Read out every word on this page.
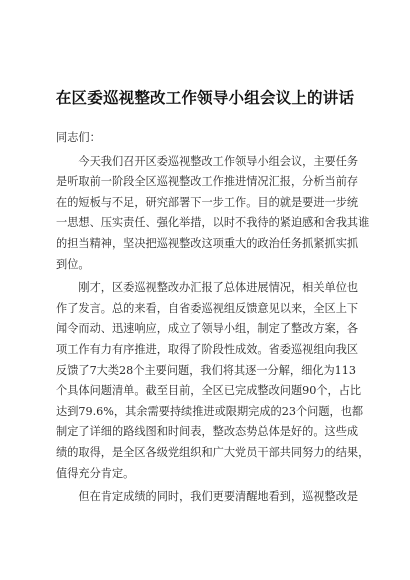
在区委巡视整改工作领导小组会议上的讲话

同志们：

今天我们召开区委巡视整改工作领导小组会议，主要任务
是听取前一阶段全区巡视整改工作推进情况汇报，分析当前存
在的短板与不足，研究部署下一步工作。目的就是要进一步统
一思想、压实责任、强化举措，以时不我待的紧迫感和舍我其谁
的担当精神，坚决把巡视整改这项重大的政治任务抓紧抓实抓
到位。

刚才，区委巡视整改办汇报了总体进展情况，相关单位也
作了发言。总的来看，自省委巡视组反馈意见以来，全区上下
闻令而动、迅速响应，成立了领导小组，制定了整改方案，各
项工作有力有序推进，取得了阶段性成效。省委巡视组向我区
反馈了7大类28个主要问题，我们将其逐一分解，细化为113
个具体问题清单。截至目前，全区已完成整改问题90个，占比
达到79.6%，其余需要持续推进或限期完成的23个问题，也都
制定了详细的路线图和时间表，整改态势总体是好的。这些成
绩的取得，是全区各级党组织和广大党员干部共同努力的结果，
值得充分肯定。

但在肯定成绩的同时，我们更要清醒地看到，巡视整改是
